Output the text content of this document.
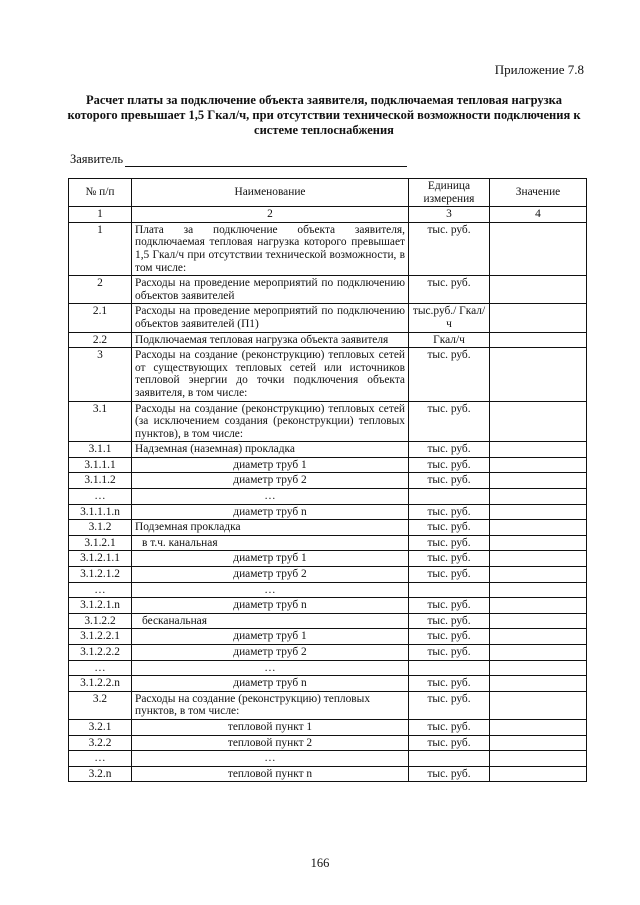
Приложение 7.8
Расчет платы за подключение объекта заявителя, подключаемая тепловая нагрузка которого превышает 1,5 Гкал/ч, при отсутствии технической возможности подключения к системе теплоснабжения
Заявитель
№ п/п	Наименование	Единица измерения	Значение
1	2	3	4
1	Плата за подключение объекта заявителя, подключаемая тепловая нагрузка которого превышает 1,5 Гкал/ч при отсутствии технической возможности, в том числе:	тыс. руб.	
2	Расходы на проведение мероприятий по подключению объектов заявителей	тыс. руб.	
2.1	Расходы на проведение мероприятий по подключению объектов заявителей (П1)	тыс.руб./ Гкал/ч	
2.2	Подключаемая тепловая нагрузка объекта заявителя	Гкал/ч	
3	Расходы на создание (реконструкцию) тепловых сетей от существующих тепловых сетей или источников тепловой энергии до точки подключения объекта заявителя, в том числе:	тыс. руб.	
3.1	Расходы на создание (реконструкцию) тепловых сетей (за исключением создания (реконструкции) тепловых пунктов), в том числе:	тыс. руб.	
3.1.1	Надземная (наземная) прокладка	тыс. руб.	
3.1.1.1	диаметр труб 1	тыс. руб.	
3.1.1.2	диаметр труб 2	тыс. руб.	
…	…		
3.1.1.1.n	диаметр труб n	тыс. руб.	
3.1.2	Подземная прокладка	тыс. руб.	
3.1.2.1	в т.ч. канальная	тыс. руб.	
3.1.2.1.1	диаметр труб 1	тыс. руб.	
3.1.2.1.2	диаметр труб 2	тыс. руб.	
…	…		
3.1.2.1.n	диаметр труб n	тыс. руб.	
3.1.2.2	бесканальная	тыс. руб.	
3.1.2.2.1	диаметр труб 1	тыс. руб.	
3.1.2.2.2	диаметр труб 2	тыс. руб.	
…	…		
3.1.2.2.n	диаметр труб n	тыс. руб.	
3.2	Расходы на создание (реконструкцию) тепловых пунктов, в том числе:	тыс. руб.	
3.2.1	тепловой пункт 1	тыс. руб.	
3.2.2	тепловой пункт 2	тыс. руб.	
…	…		
3.2.n	тепловой пункт n	тыс. руб.	
166
